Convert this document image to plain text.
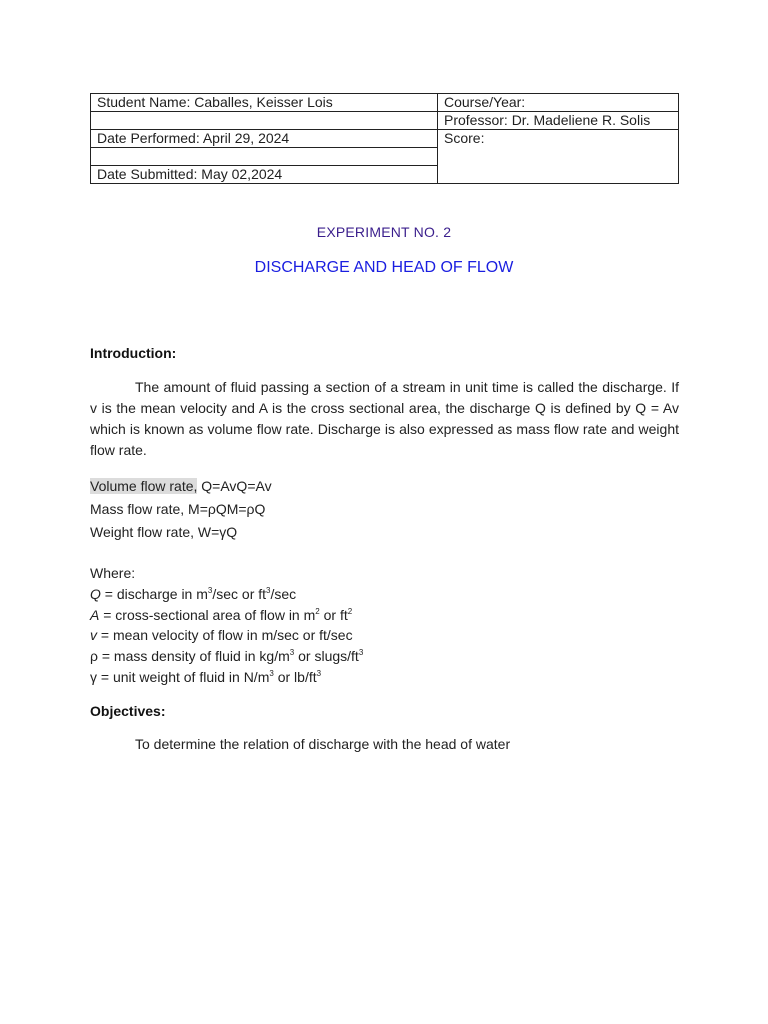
Student Name: Caballes, Keisser Lois	Course/Year:
	Professor: Dr. Madeliene R. Solis
Date Performed: April 29, 2024	Score:

Date Submitted: May 02,2024	
EXPERIMENT NO. 2
DISCHARGE AND HEAD OF FLOW
Introduction:
The amount of fluid passing a section of a stream in unit time is called the discharge. If v is the mean velocity and A is the cross sectional area, the discharge Q is defined by Q = Av which is known as volume flow rate. Discharge is also expressed as mass flow rate and weight flow rate.
Volume flow rate, Q=AvQ=Av
Mass flow rate, M=ρQM=ρQ
Weight flow rate, W=γQ
Where:
Q = discharge in $m^3/\sec$ or $ft^3/\sec$
A = cross-sectional area of flow in $m^2$ or $ft^2$
v = mean velocity of flow in m/sec or ft/sec
ρ = mass density of fluid in $kg/m^3$ or slugs/$ft^3$
γ = unit weight of fluid in $N/m^3$ or $lb/ft^3$
Objectives:
To determine the relation of discharge with the head of water
